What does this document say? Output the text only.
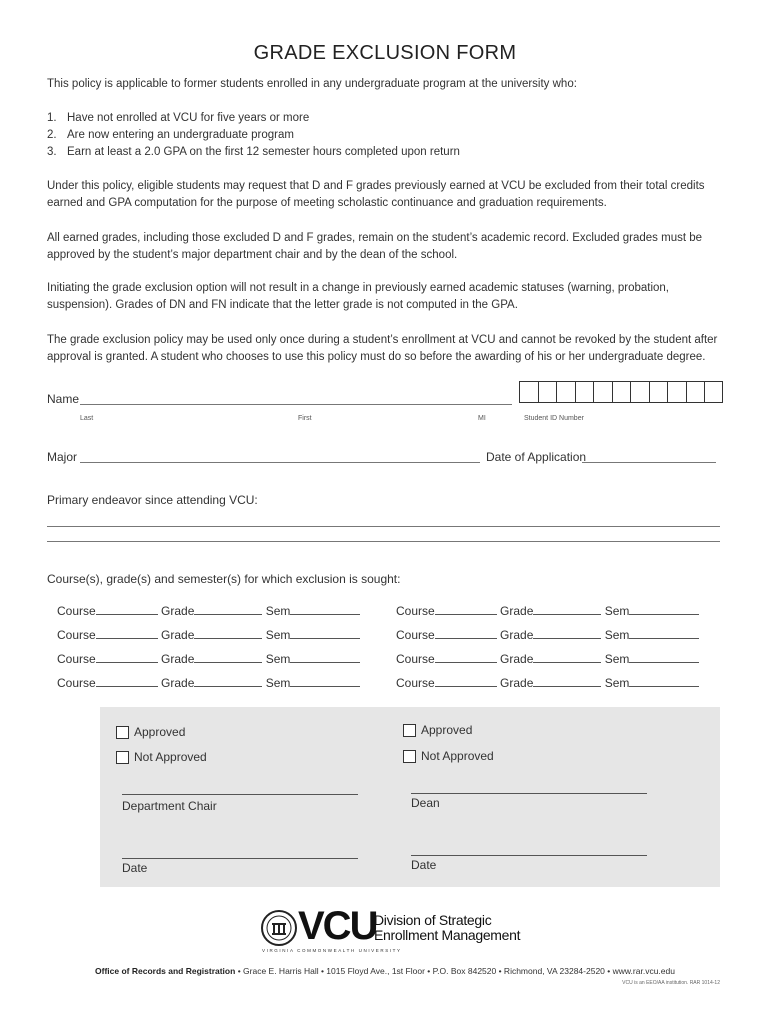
GRADE EXCLUSION FORM
This policy is applicable to former students enrolled in any undergraduate program at the university who:
1. Have not enrolled at VCU for five years or more
2. Are now entering an undergraduate program
3. Earn at least a 2.0 GPA on the first 12 semester hours completed upon return
Under this policy, eligible students may request that D and F grades previously earned at VCU be excluded from their total credits earned and GPA computation for the purpose of meeting scholastic continuance and graduation requirements.
All earned grades, including those excluded D and F grades, remain on the student’s academic record. Excluded grades must be approved by the student’s major department chair and by the dean of the school.
Initiating the grade exclusion option will not result in a change in previously earned academic statuses (warning, probation, suspension). Grades of DN and FN indicate that the letter grade is not computed in the GPA.
The grade exclusion policy may be used only once during a student’s enrollment at VCU and cannot be revoked by the student after approval is granted. A student who chooses to use this policy must do so before the awarding of his or her undergraduate degree.
Name
Last	First	MI	Student ID Number
Major	Date of Application
Primary endeavor since attending VCU:
Course(s), grade(s) and semester(s) for which exclusion is sought:
Course	Grade	Sem	Course	Grade	Sem
Course	Grade	Sem	Course	Grade	Sem
Course	Grade	Sem	Course	Grade	Sem
Course	Grade	Sem	Course	Grade	Sem
Approved
Not Approved
Department Chair
Date
Approved
Not Approved
Dean
Date
VCU
Division of Strategic
Enrollment Management
VIRGINIA COMMONWEALTH UNIVERSITY
Office of Records and Registration • Grace E. Harris Hall • 1015 Floyd Ave., 1st Floor • P.O. Box 842520 • Richmond, VA 23284-2520 • www.rar.vcu.edu
VCU is an EEO/AA institution. RAR 1014-12
